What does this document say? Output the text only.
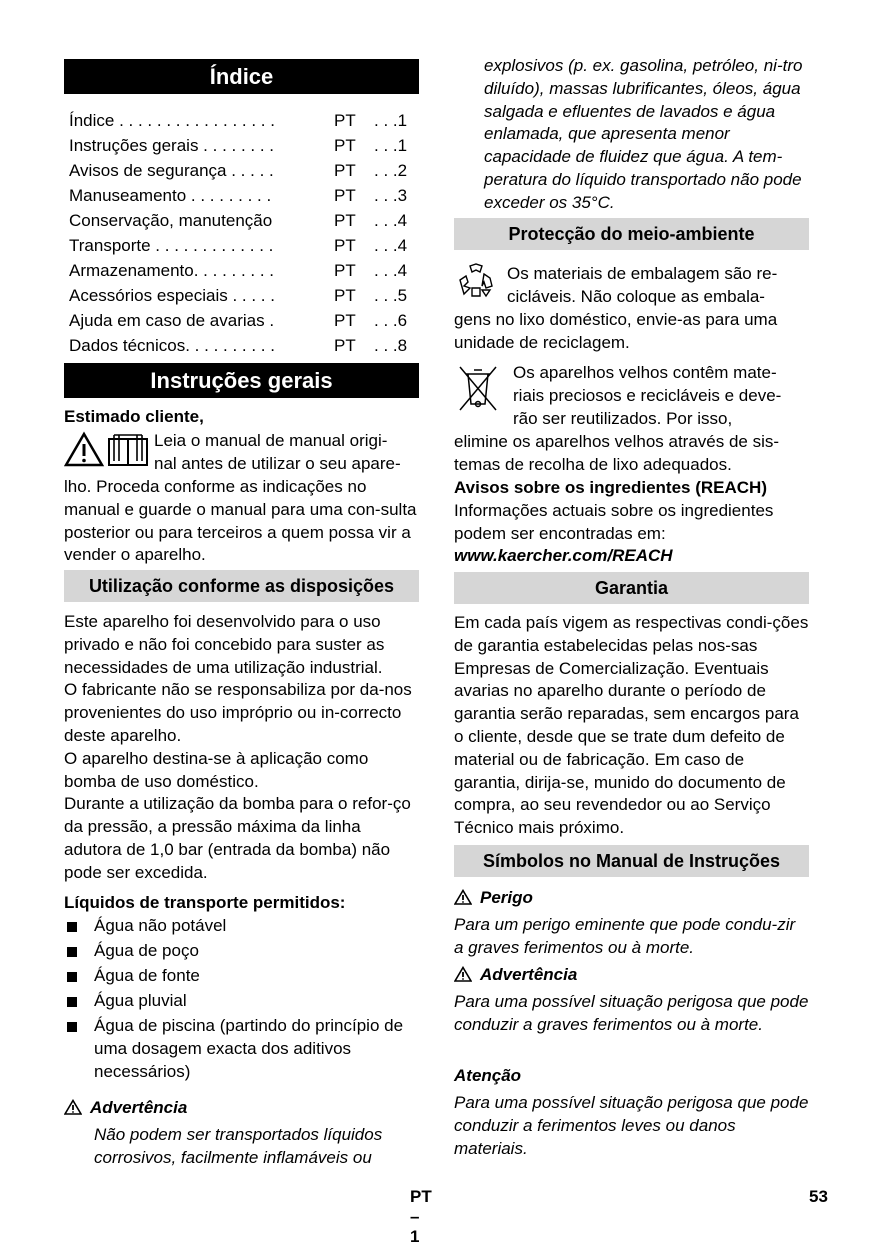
Índice
Índice . . . . . . . . . . . . . . . . .	PT . . .1
Instruções gerais . . . . . . . .	PT . . .1
Avisos de segurança . . . . .	PT . . .2
Manuseamento . . . . . . . . .	PT . . .3
Conservação, manutenção	PT . . .4
Transporte . . . . . . . . . . . . .	PT . . .4
Armazenamento. . . . . . . . .	PT . . .4
Acessórios especiais . . . . .	PT . . .5
Ajuda em caso de avarias .	PT . . .6
Dados técnicos. . . . . . . . . .	PT . . .8
Instruções gerais
Estimado cliente,
Leia o manual de manual origi-
nal antes de utilizar o seu apare-
lho. Proceda conforme as indicações no manual e guarde o manual para uma con-sulta posterior ou para terceiros a quem possa vir a vender o aparelho.
Utilização conforme as disposições
Este aparelho foi desenvolvido para o uso privado e não foi concebido para suster as necessidades de uma utilização industrial.
O fabricante não se responsabiliza por da-nos provenientes do uso impróprio ou in-correcto deste aparelho.
O aparelho destina-se à aplicação como bomba de uso doméstico.
Durante a utilização da bomba para o refor-ço da pressão, a pressão máxima da linha adutora de 1,0 bar (entrada da bomba) não pode ser excedida.
Líquidos de transporte permitidos:
Água não potável
Água de poço
Água de fonte
Água pluvial
Água de piscina (partindo do princípio de uma dosagem exacta dos aditivos necessários)
Advertência
Não podem ser transportados líquidos corrosivos, facilmente inflamáveis ou
PT – 1
explosivos (p. ex. gasolina, petróleo, ni-tro diluído), massas lubrificantes, óleos, água salgada e efluentes de lavados e água enlamada, que apresenta menor capacidade de fluidez que água. A tem-peratura do líquido transportado não pode exceder os 35°C.
Protecção do meio-ambiente
Os materiais de embalagem são re-
cicláveis. Não coloque as embala-
gens no lixo doméstico, envie-as para uma unidade de reciclagem.
Os aparelhos velhos contêm mate-
riais preciosos e recicláveis e deve-
rão ser reutilizados. Por isso,
elimine os aparelhos velhos através de sis-temas de recolha de lixo adequados.
Avisos sobre os ingredientes (REACH)
Informações actuais sobre os ingredientes podem ser encontradas em:
www.kaercher.com/REACH
Garantia
Em cada país vigem as respectivas condi-ções de garantia estabelecidas pelas nos-sas Empresas de Comercialização. Eventuais avarias no aparelho durante o período de garantia serão reparadas, sem encargos para o cliente, desde que se trate dum defeito de material ou de fabricação. Em caso de garantia, dirija-se, munido do documento de compra, ao seu revendedor ou ao Serviço Técnico mais próximo.
Símbolos no Manual de Instruções
Perigo
Para um perigo eminente que pode condu-zir a graves ferimentos ou à morte.
Advertência
Para uma possível situação perigosa que pode conduzir a graves ferimentos ou à morte.
Atenção
Para uma possível situação perigosa que pode conduzir a ferimentos leves ou danos materiais.
53
